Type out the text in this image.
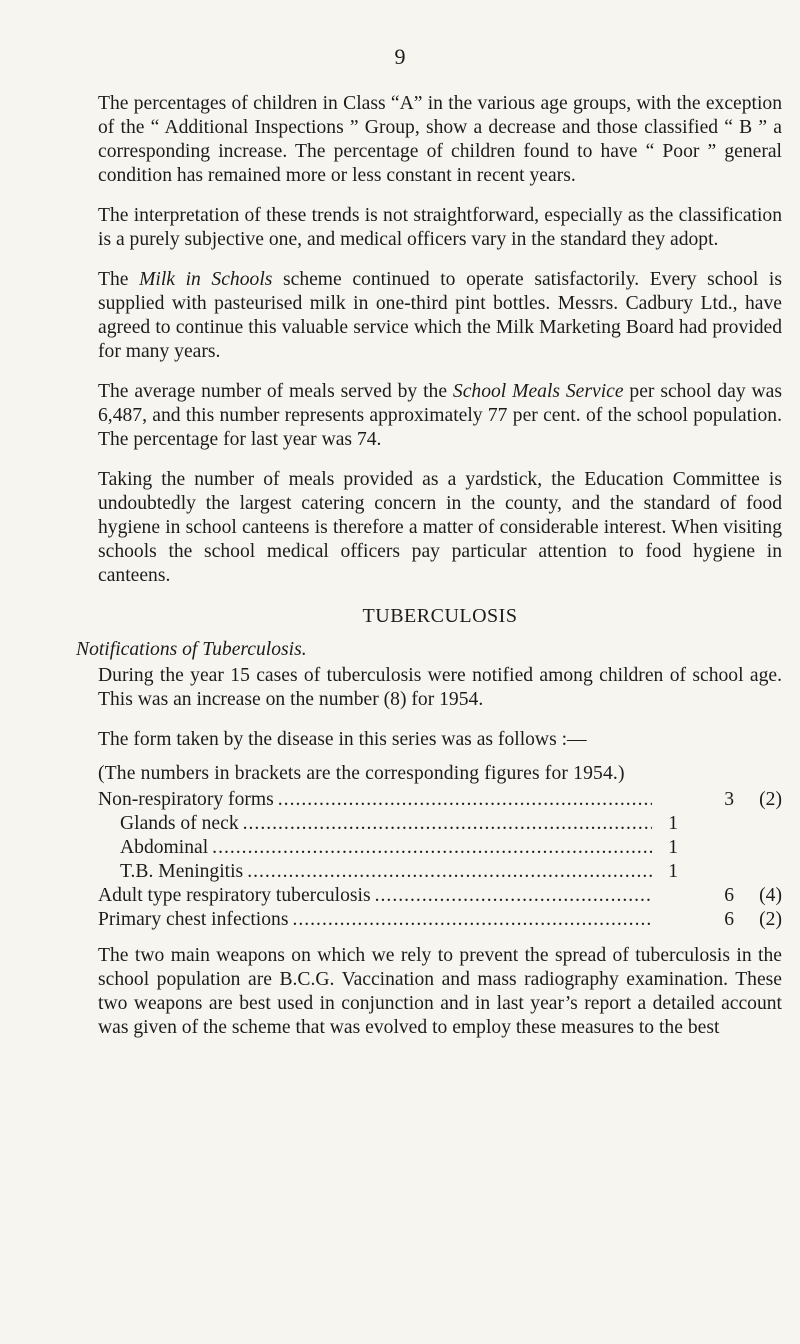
9

The percentages of children in Class “A” in the various age groups, with the exception of the “ Additional Inspections ” Group, show a decrease and those classified “ B ” a corresponding increase. The percentage of children found to have “ Poor ” general condition has remained more or less constant in recent years.

The interpretation of these trends is not straightforward, especially as the classification is a purely subjective one, and medical officers vary in the standard they adopt.

The Milk in Schools scheme continued to operate satisfactorily. Every school is supplied with pasteurised milk in one-third pint bottles. Messrs. Cadbury Ltd., have agreed to continue this valuable service which the Milk Marketing Board had provided for many years.

The average number of meals served by the School Meals Service per school day was 6,487, and this number represents approximately 77 per cent. of the school population. The percentage for last year was 74.

Taking the number of meals provided as a yardstick, the Education Committee is undoubtedly the largest catering concern in the county, and the standard of food hygiene in school canteens is therefore a matter of considerable interest. When visiting schools the school medical officers pay particular attention to food hygiene in canteens.

TUBERCULOSIS
Notifications of Tuberculosis.

During the year 15 cases of tuberculosis were notified among children of school age. This was an increase on the number (8) for 1954.

The form taken by the disease in this series was as follows :—

(The numbers in brackets are the corresponding figures for 1954.)
Non-respiratory forms .....	3	(2)
Glands of neck .....	1
Abdominal .....	1
T.B. Meningitis .....	1
Adult type respiratory tuberculosis .....	6	(4)
Primary chest infections .....	6	(2)

The two main weapons on which we rely to prevent the spread of tuberculosis in the school population are B.C.G. Vaccination and mass radiography examination. These two weapons are best used in conjunction and in last year’s report a detailed account was given of the scheme that was evolved to employ these measures to the best
